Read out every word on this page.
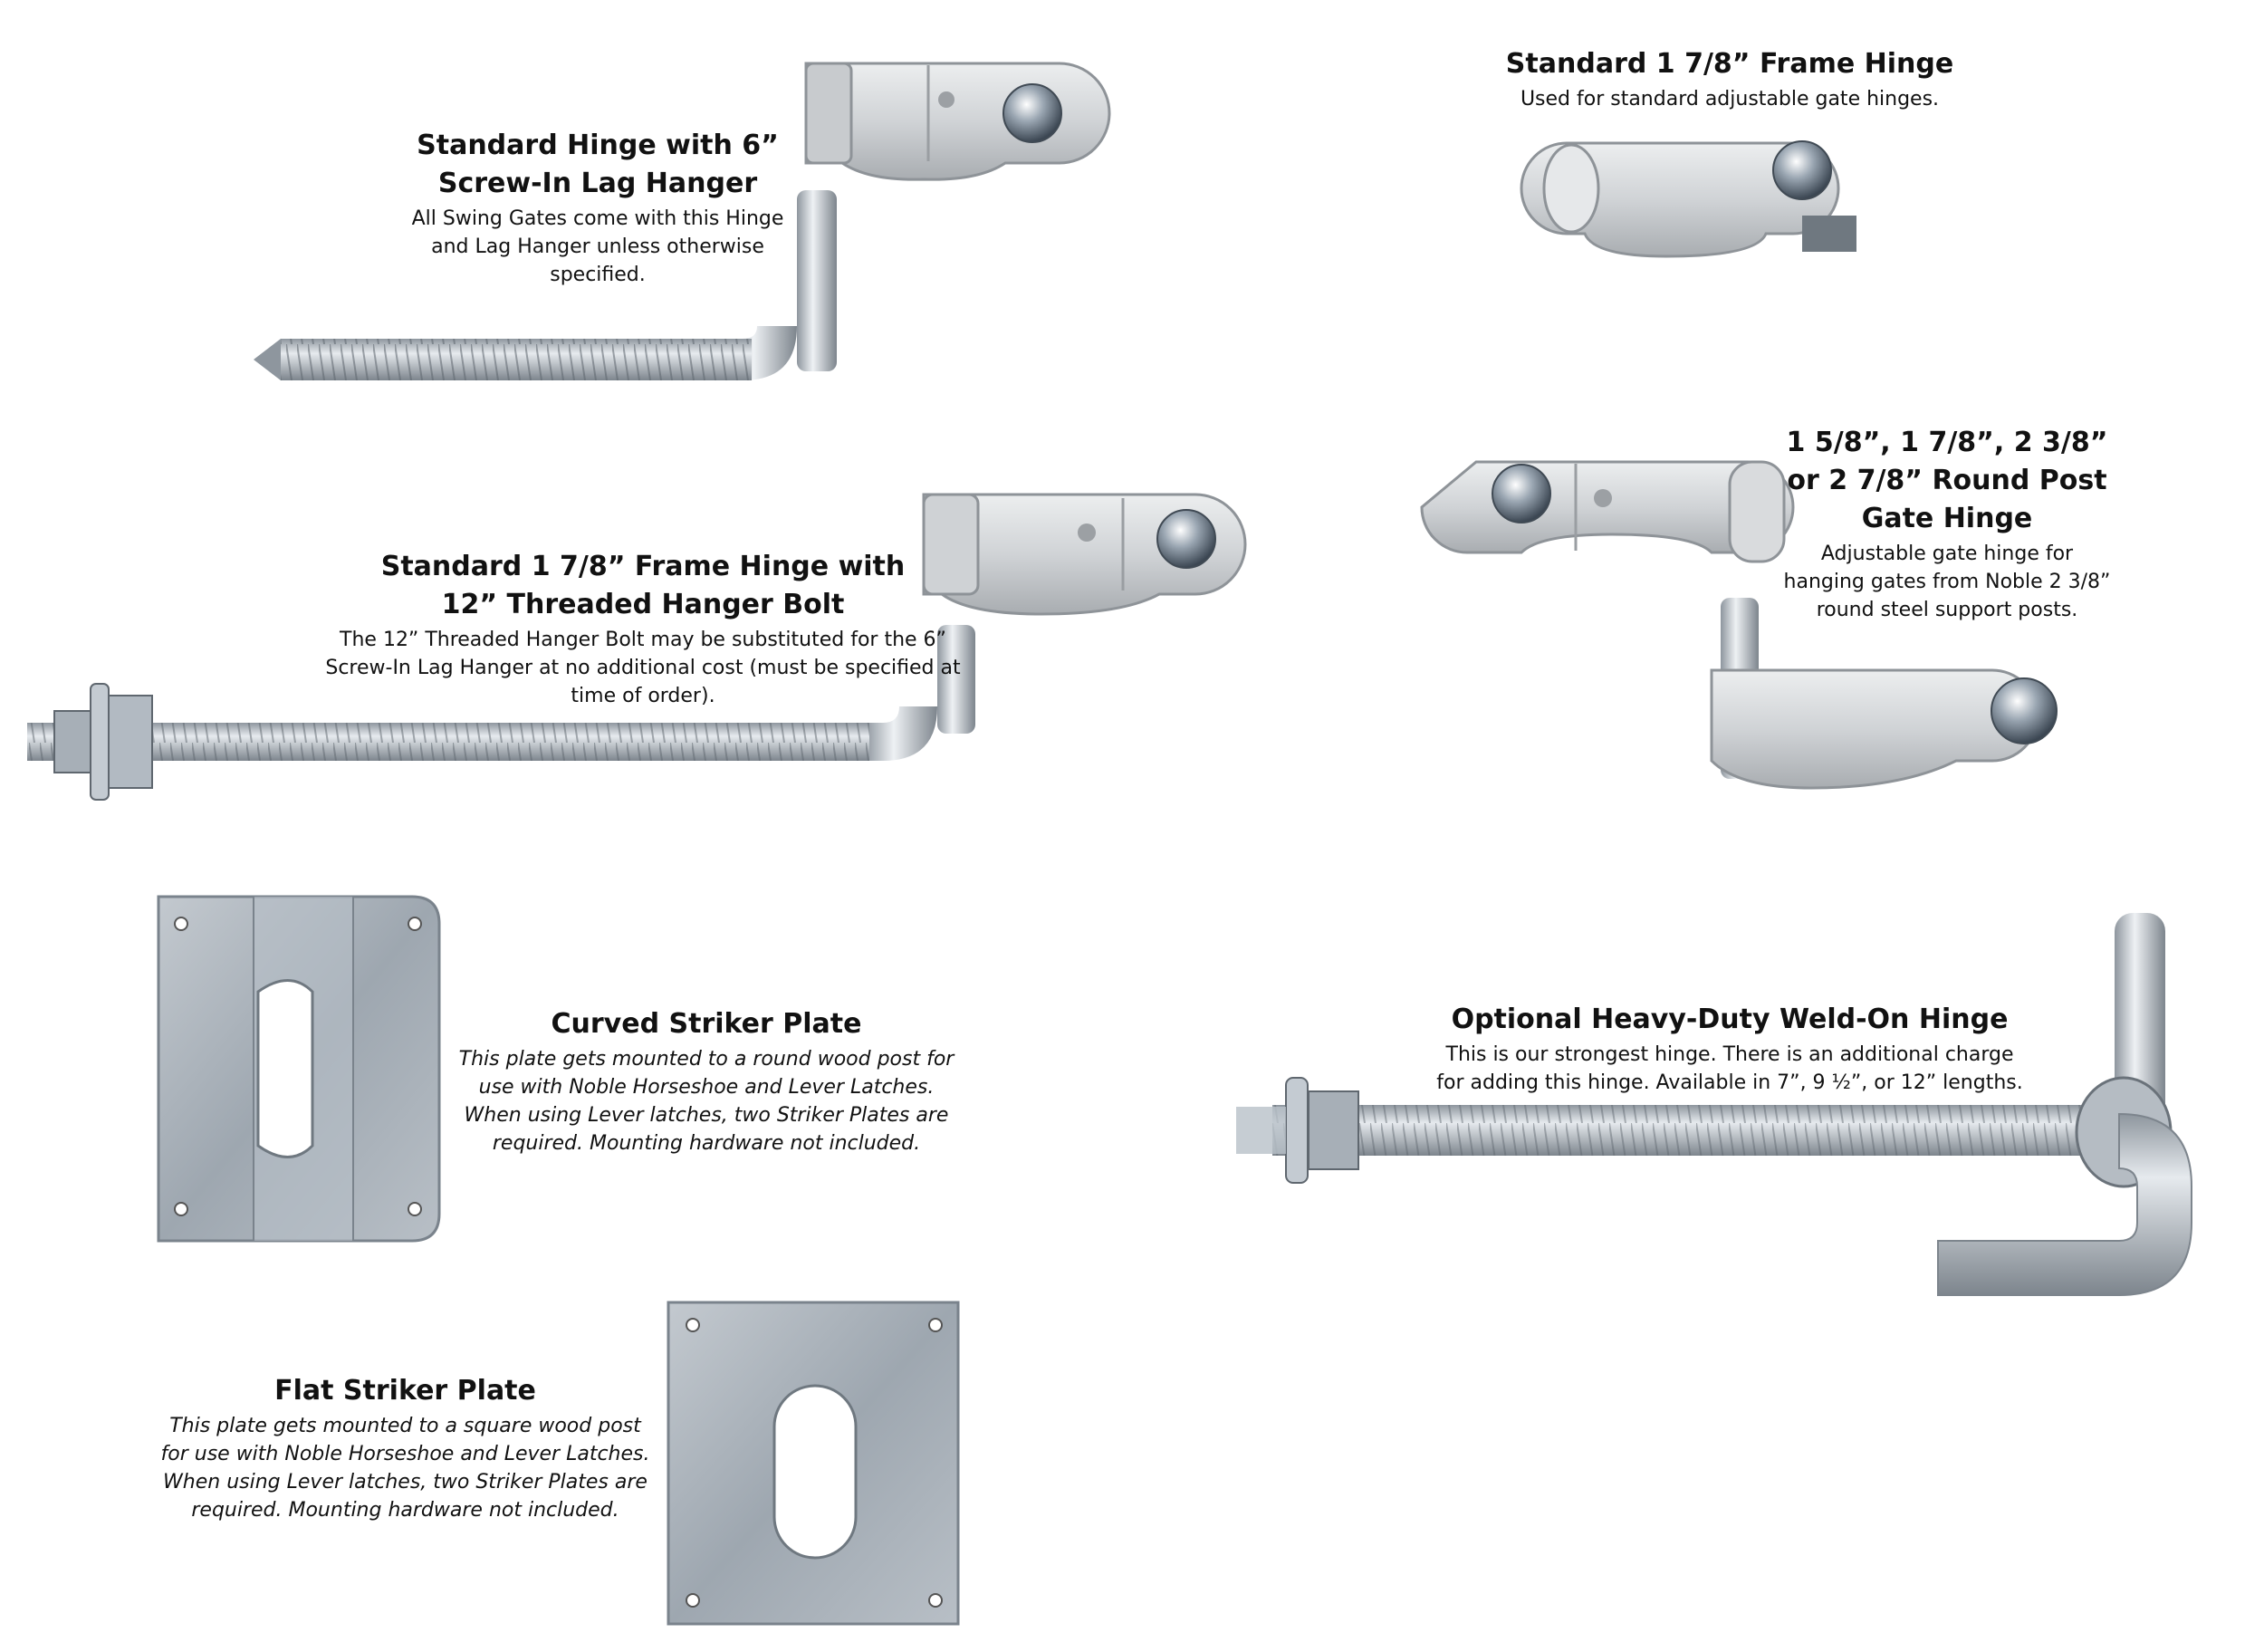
Standard Hinge with 6”
Screw-In Lag Hanger

All Swing Gates come with this Hinge
and Lag Hanger unless otherwise
specified.

Standard 1 7/8” Frame Hinge

Used for standard adjustable gate hinges.

Standard 1 7/8” Frame Hinge with
12” Threaded Hanger Bolt

The 12” Threaded Hanger Bolt may be substituted for the 6”
Screw-In Lag Hanger at no additional cost (must be specified at
time of order).

1 5/8”, 1 7/8”, 2 3/8”
or 2 7/8” Round Post
Gate Hinge

Adjustable gate hinge for
hanging gates from Noble 2 3/8”
round steel support posts.

Curved Striker Plate

This plate gets mounted to a round wood post for
use with Noble Horseshoe and Lever Latches.
When using Lever latches, two Striker Plates are
required. Mounting hardware not included.

Optional Heavy-Duty Weld-On Hinge

This is our strongest hinge. There is an additional charge
for adding this hinge. Available in 7”, 9 ½”, or 12” lengths.

Flat Striker Plate

This plate gets mounted to a square wood post
for use with Noble Horseshoe and Lever Latches.
When using Lever latches, two Striker Plates are
required. Mounting hardware not included.
